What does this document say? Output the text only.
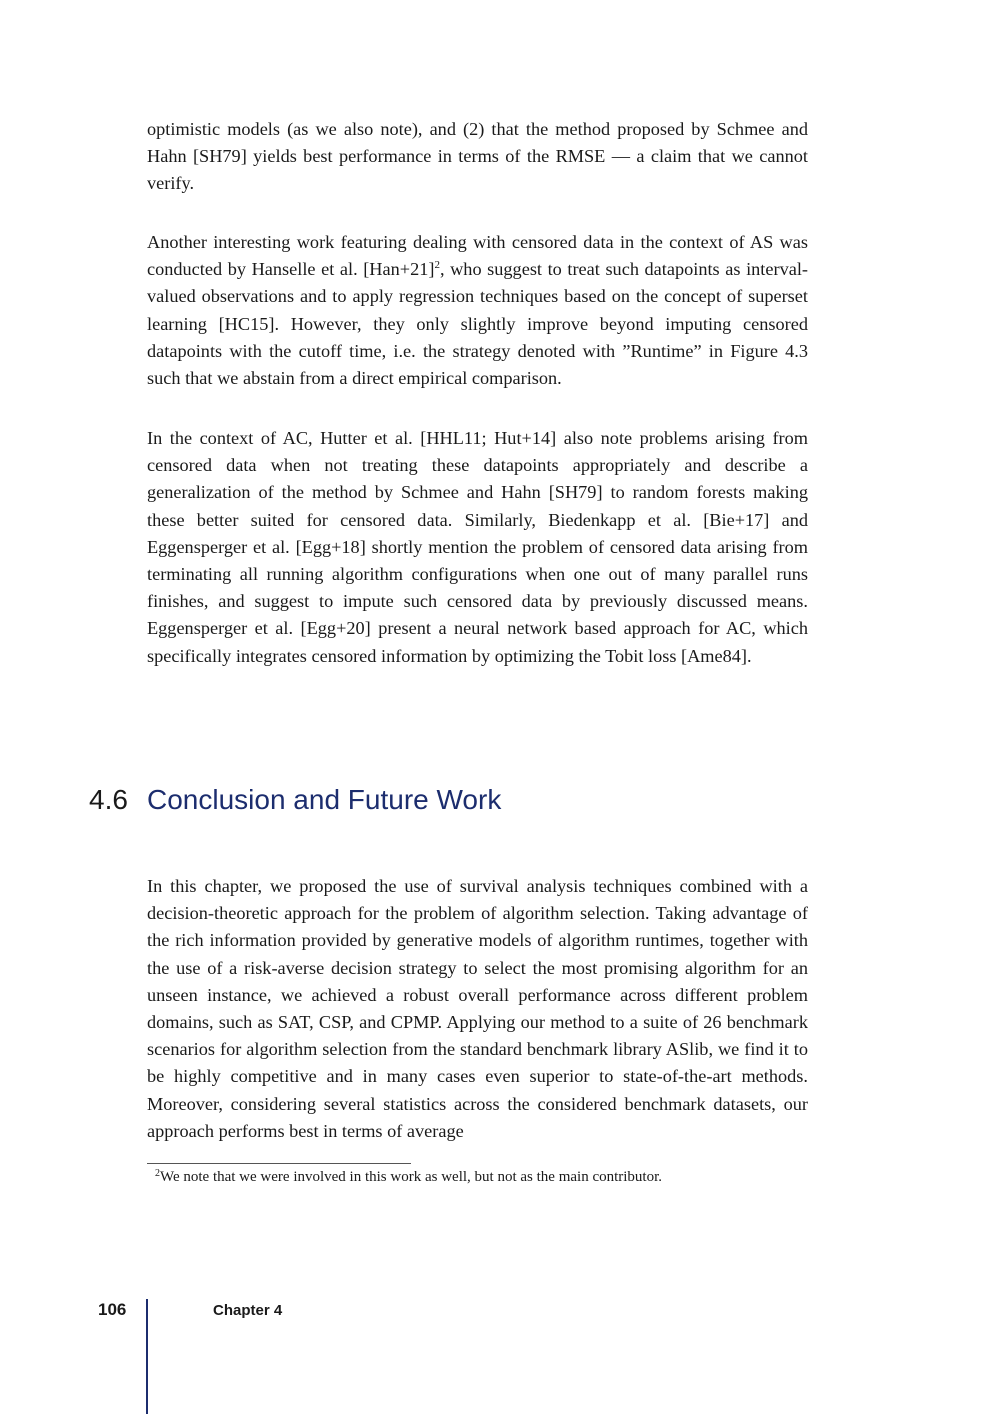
optimistic models (as we also note), and (2) that the method proposed by Schmee and Hahn [SH79] yields best performance in terms of the RMSE — a claim that we cannot verify.

Another interesting work featuring dealing with censored data in the context of AS was conducted by Hanselle et al. $[Han+21]^2$, who suggest to treat such datapoints as interval-valued observations and to apply regression techniques based on the concept of superset learning [HC15]. However, they only slightly improve beyond imputing censored datapoints with the cutoff time, i.e. the strategy denoted with ”Runtime” in Figure 4.3 such that we abstain from a direct empirical comparison.

In the context of AC, Hutter et al. [HHL11; Hut+14] also note problems arising from censored data when not treating these datapoints appropriately and describe a generalization of the method by Schmee and Hahn [SH79] to random forests making these better suited for censored data. Similarly, Biedenkapp et al. [Bie+17] and Eggensperger et al. [Egg+18] shortly mention the problem of censored data arising from terminating all running algorithm configurations when one out of many parallel runs finishes, and suggest to impute such censored data by previously discussed means. Eggensperger et al. [Egg+20] present a neural network based approach for AC, which specifically integrates censored information by optimizing the Tobit loss [Ame84].

4.6 Conclusion and Future Work

In this chapter, we proposed the use of survival analysis techniques combined with a decision-theoretic approach for the problem of algorithm selection. Taking advantage of the rich information provided by generative models of algorithm runtimes, together with the use of a risk-averse decision strategy to select the most promising algorithm for an unseen instance, we achieved a robust overall performance across different problem domains, such as SAT, CSP, and CPMP. Applying our method to a suite of 26 benchmark scenarios for algorithm selection from the standard benchmark library ASlib, we find it to be highly competitive and in many cases even superior to state-of-the-art methods. Moreover, considering several statistics across the considered benchmark datasets, our approach performs best in terms of average

$^2$We note that we were involved in this work as well, but not as the main contributor.

106	Chapter 4
